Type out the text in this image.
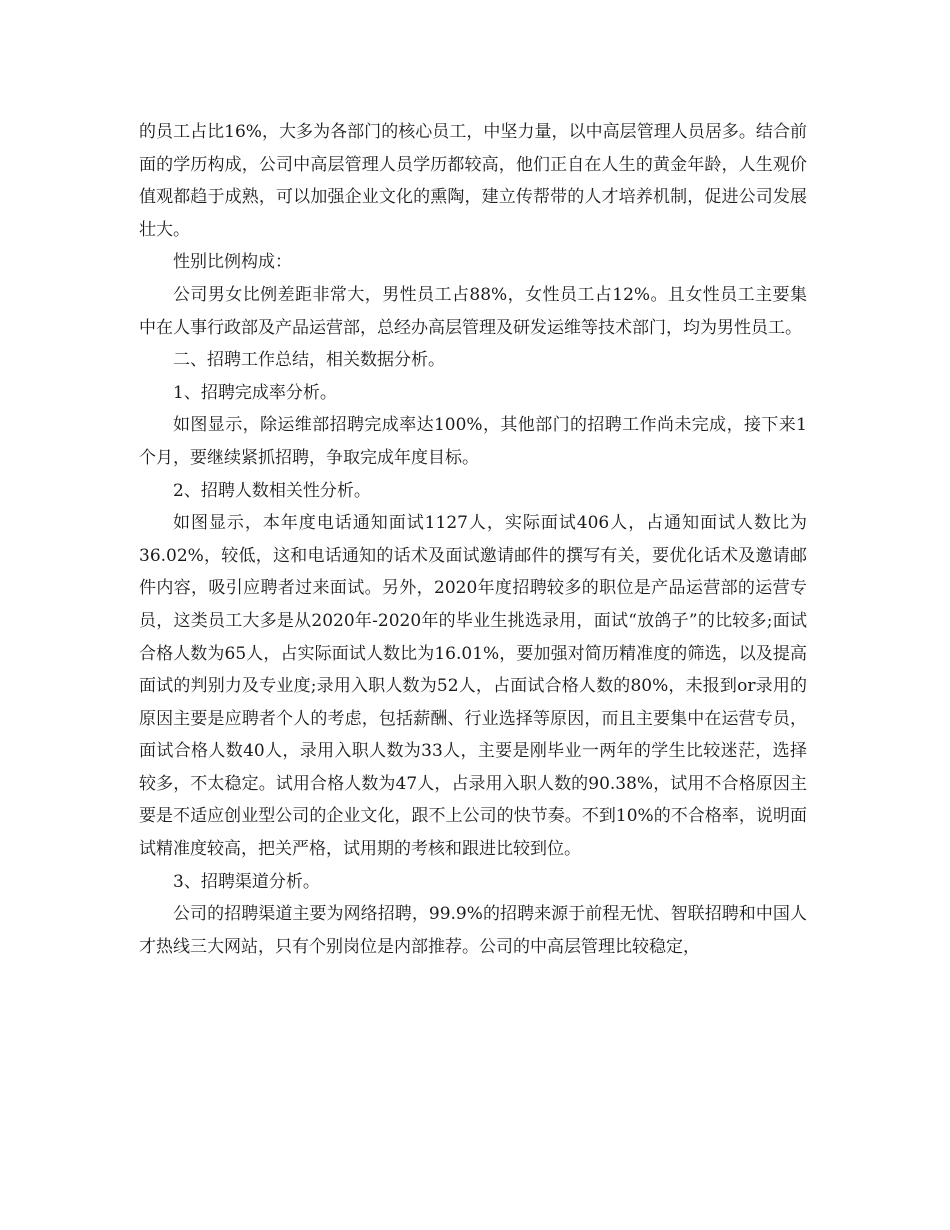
的员工占比16%，大多为各部门的核心员工，中坚力量，以中高层管理人员居多。结合前面的学历构成，公司中高层管理人员学历都较高，他们正自在人生的黄金年龄，人生观价值观都趋于成熟，可以加强企业文化的熏陶，建立传帮带的人才培养机制，促进公司发展壮大。

性别比例构成：

公司男女比例差距非常大，男性员工占88%，女性员工占12%。且女性员工主要集中在人事行政部及产品运营部，总经办高层管理及研发运维等技术部门，均为男性员工。

二、招聘工作总结，相关数据分析。

1、招聘完成率分析。

如图显示，除运维部招聘完成率达100%，其他部门的招聘工作尚未完成，接下来1个月，要继续紧抓招聘，争取完成年度目标。

2、招聘人数相关性分析。

如图显示，本年度电话通知面试1127人，实际面试406人，占通知面试人数比为36.02%，较低，这和电话通知的话术及面试邀请邮件的撰写有关，要优化话术及邀请邮件内容，吸引应聘者过来面试。另外，2020年度招聘较多的职位是产品运营部的运营专员，这类员工大多是从2020年-2020年的毕业生挑选录用，面试“放鸽子”的比较多;面试合格人数为65人，占实际面试人数比为16.01%，要加强对简历精准度的筛选，以及提高面试的判别力及专业度;录用入职人数为52人，占面试合格人数的80%，未报到or录用的原因主要是应聘者个人的考虑，包括薪酬、行业选择等原因，而且主要集中在运营专员，面试合格人数40人，录用入职人数为33人，主要是刚毕业一两年的学生比较迷茫，选择较多，不太稳定。试用合格人数为47人，占录用入职人数的90.38%，试用不合格原因主要是不适应创业型公司的企业文化，跟不上公司的快节奏。不到10%的不合格率，说明面试精准度较高，把关严格，试用期的考核和跟进比较到位。

3、招聘渠道分析。

公司的招聘渠道主要为网络招聘，99.9%的招聘来源于前程无忧、智联招聘和中国人才热线三大网站，只有个别岗位是内部推荐。公司的中高层管理比较稳定，
